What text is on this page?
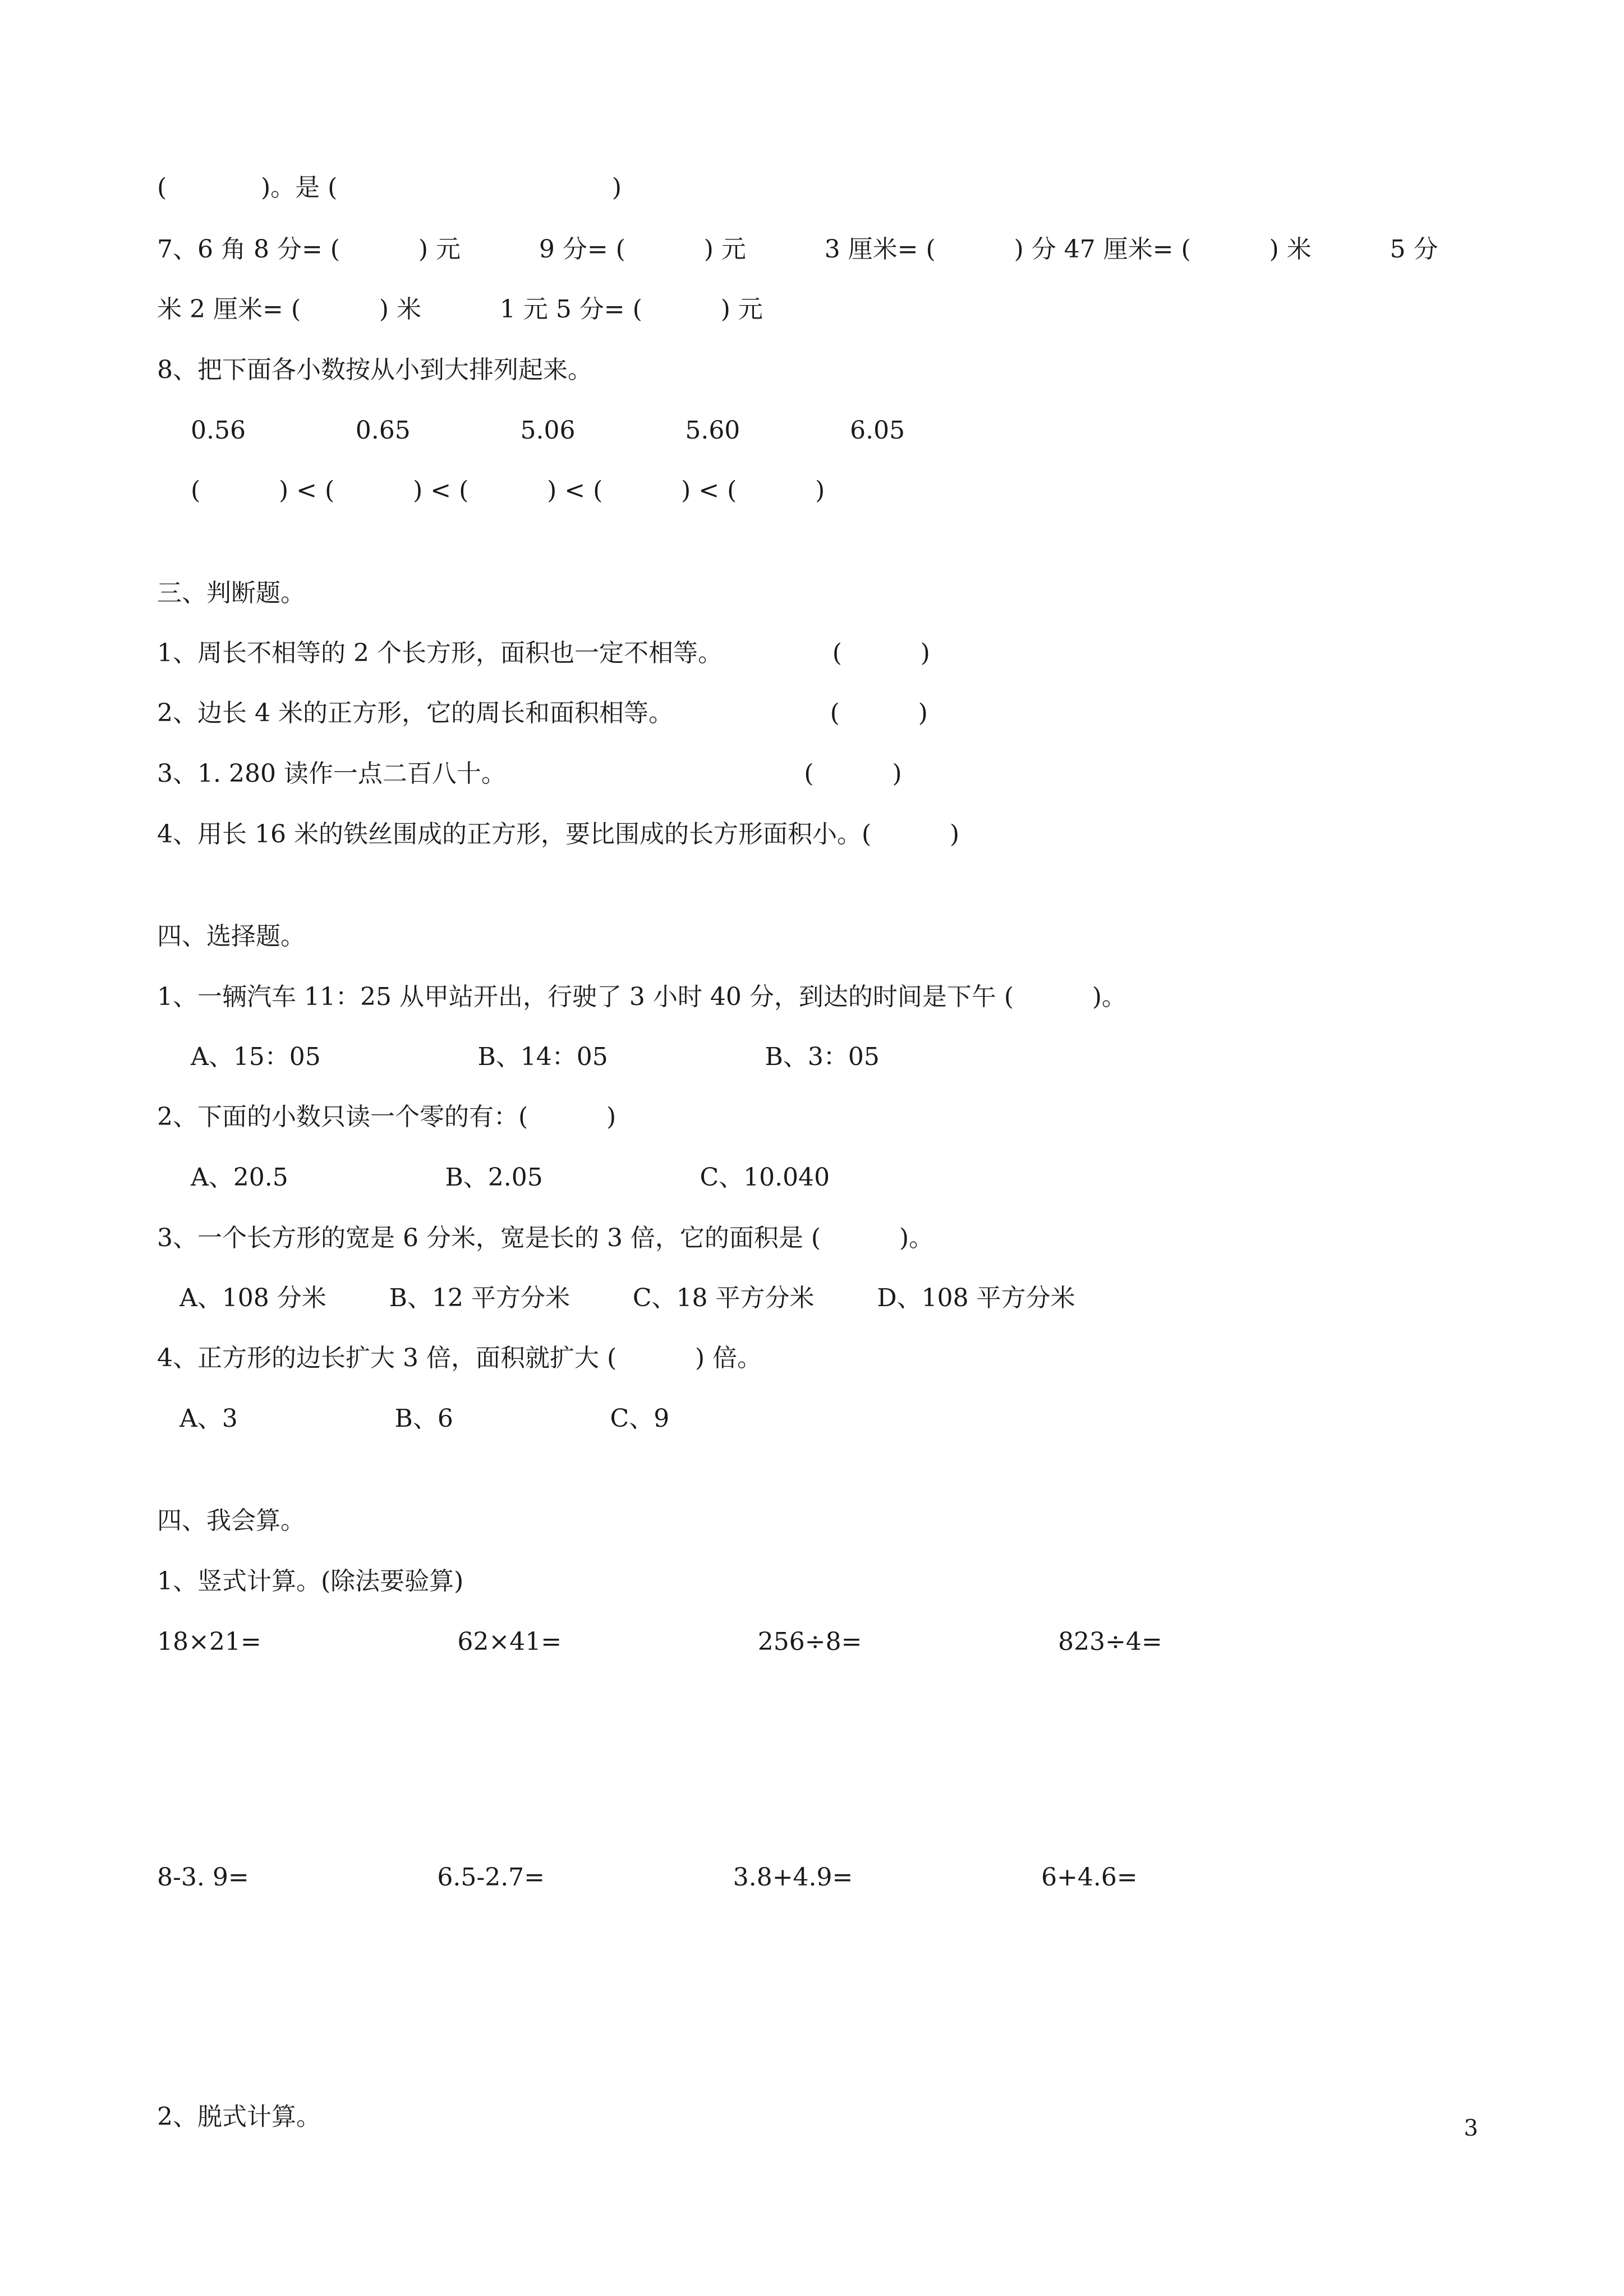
(            )。是 (                                   )
7、6 角 8 分= (          ) 元          9 分= (          ) 元          3 厘米= (          ) 分 47 厘米= (          ) 米          5 分
米 2 厘米= (          ) 米          1 元 5 分= (          ) 元
8、把下面各小数按从小到大排列起来。
0.56              0.65              5.06              5.60              6.05
(          ) < (          ) < (          ) < (          ) < (          )
三、判断题。
1、周长不相等的 2 个长方形，面积也一定不相等。              (          )
2、边长 4 米的正方形，它的周长和面积相等。                    (          )
3、1. 280 读作一点二百八十。                                      (          )
4、用长 16 米的铁丝围成的正方形，要比围成的长方形面积小。(          )
四、选择题。
1、一辆汽车 11：25 从甲站开出，行驶了 3 小时 40 分，到达的时间是下午 (          )。
A、15：05                    B、14：05                    B、3：05
2、下面的小数只读一个零的有：(          )
A、20.5                    B、2.05                    C、10.040
3、一个长方形的宽是 6 分米，宽是长的 3 倍，它的面积是 (          )。
A、108 分米        B、12 平方分米        C、18 平方分米        D、108 平方分米
4、正方形的边长扩大 3 倍，面积就扩大 (          ) 倍。
A、3                    B、6                    C、9
四、我会算。
1、竖式计算。(除法要验算)
18×21=                         62×41=                         256÷8=                         823÷4=
8-3. 9=                        6.5-2.7=                        3.8+4.9=                        6+4.6=
2、脱式计算。	3
